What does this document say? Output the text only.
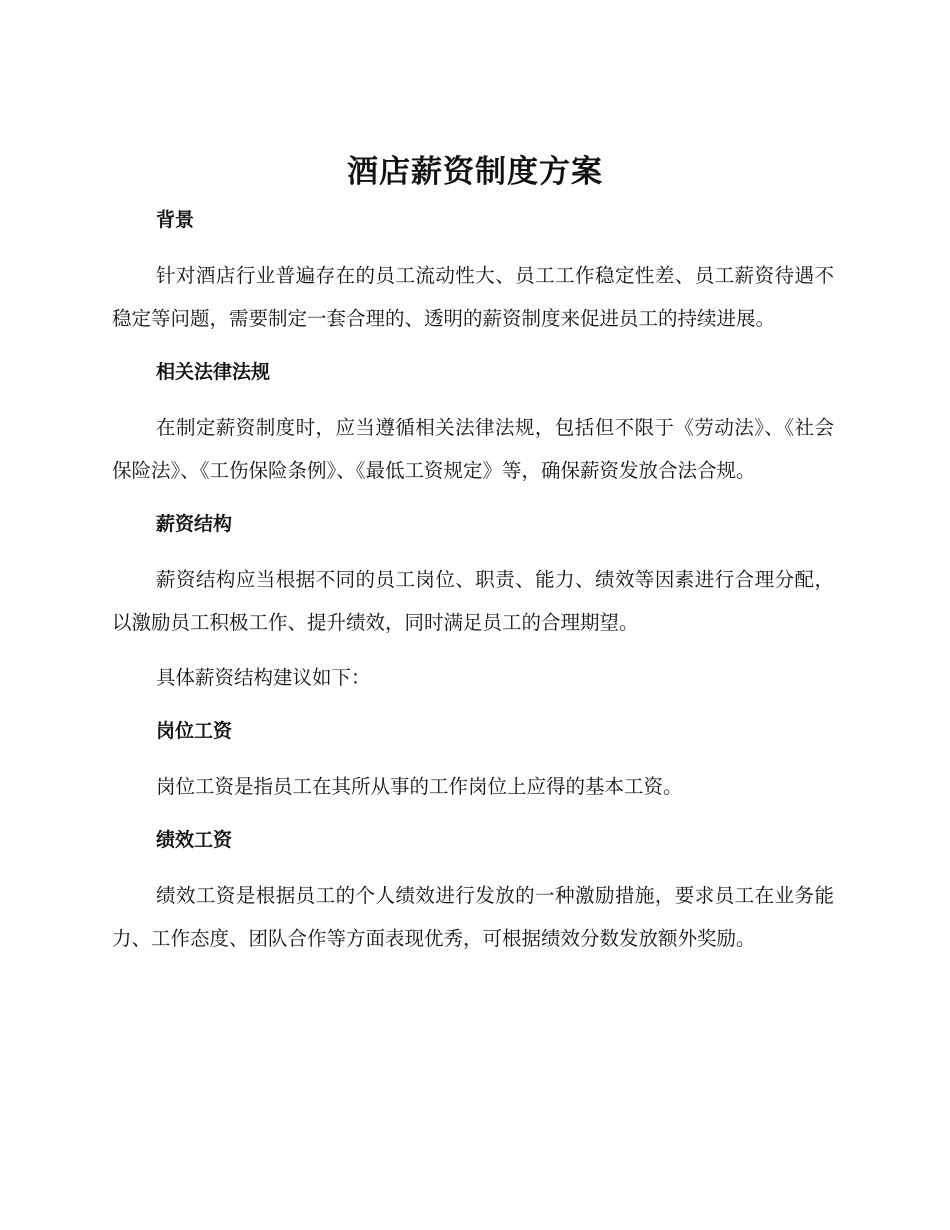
酒店薪资制度方案
背景

针对酒店行业普遍存在的员工流动性大、员工工作稳定性差、员工薪资待遇不稳定等问题，需要制定一套合理的、透明的薪资制度来促进员工的持续进展。

相关法律法规

在制定薪资制度时，应当遵循相关法律法规，包括但不限于《劳动法》、《社会保险法》、《工伤保险条例》、《最低工资规定》等，确保薪资发放合法合规。

薪资结构

薪资结构应当根据不同的员工岗位、职责、能力、绩效等因素进行合理分配，以激励员工积极工作、提升绩效，同时满足员工的合理期望。

具体薪资结构建议如下：

岗位工资

岗位工资是指员工在其所从事的工作岗位上应得的基本工资。

绩效工资

绩效工资是根据员工的个人绩效进行发放的一种激励措施，要求员工在业务能力、工作态度、团队合作等方面表现优秀，可根据绩效分数发放额外奖励。
